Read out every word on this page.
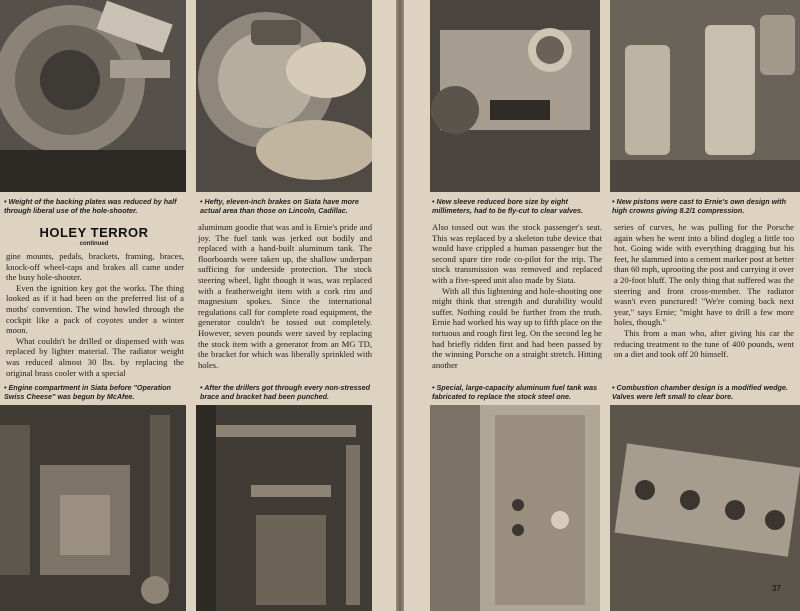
• Weight of the backing plates was reduced by half through liberal use of the hole-shooter.
• Hefty, eleven-inch brakes on Siata have more actual area than those on Lincoln, Cadillac.
HOLEY TERROR
continued

gine mounts, pedals, brackets, framing, braces, knock-off wheel-caps and brakes all came under the busy hole-shooter.

Even the ignition key got the works. The thing looked as if it had been on the preferred list of a moths' convention. The wind howled through the cockpit like a pack of coyotes under a winter moon.

What couldn't be drilled or dispensed with was replaced by lighter material. The radiator weight was reduced almost 30 lbs. by replacing the original brass cooler with a special

aluminum goodie that was and is Ernie's pride and joy. The fuel tank was jerked out bodily and replaced with a hand-built aluminum tank. The floorboards were taken up, the shallow underpan sufficing for underside protection. The stock steering wheel, light though it was, was replaced with a featherweight item with a cork rim and magnesium spokes. Since the international regulations call for complete road equipment, the generator couldn't be tossed out completely. However, seven pounds were saved by replacing the stock item with a generator from an MG TD, the bracket for which was liberally sprinkled with holes.

• Engine compartment in Siata before "Operation Swiss Cheese" was begun by McAfee.
• After the drillers got through every non-stressed brace and bracket had been punched.
• New sleeve reduced bore size by eight millimeters, had to be fly-cut to clear valves.
• New pistons were cast to Ernie's own design with high crowns giving 8.2/1 compression.

Also tossed out was the stock passenger's seat. This was replaced by a skeleton tube device that would have crippled a human passenger but the second spare tire rode co-pilot for the trip. The stock transmission was removed and replaced with a five-speed unit also made by Siata.

With all this lightening and hole-shooting one might think that strength and durability would suffer. Nothing could be further from the truth. Ernie had worked his way up to fifth place on the tortuous and rough first leg. On the second leg he had briefly ridden first and had been passed by the winning Porsche on a straight stretch. Hitting another

series of curves, he was pulling for the Porsche again when he went into a blind dogleg a little too hot. Going wide with everything dragging but his feet, he slammed into a cement marker post at better than 60 mph, uprooting the post and carrying it over a 20-foot bluff. The only thing that suffered was the steering and front cross-member. The radiator wasn't even punctured! "We're coming back next year," says Ernie; "might have to drill a few more holes, though."

This from a man who, after giving his car the reducing treatment to the tune of 400 pounds, went on a diet and took off 20 himself.

• Special, large-capacity aluminum fuel tank was fabricated to replace the stock steel one.
• Combustion chamber design is a modified wedge. Valves were left small to clear bore.
37
